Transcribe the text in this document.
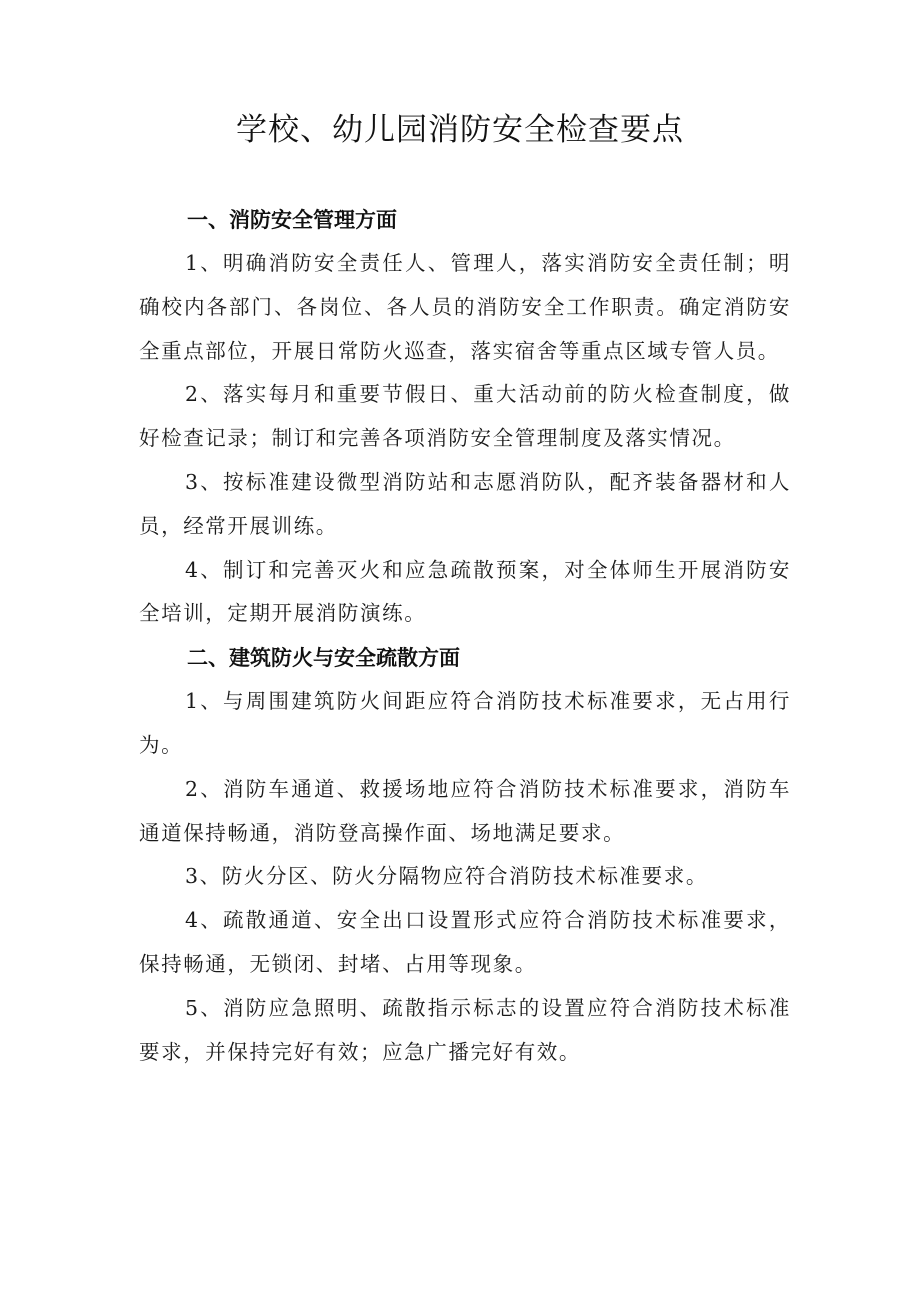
学校、幼儿园消防安全检查要点
一、消防安全管理方面

1、明确消防安全责任人、管理人，落实消防安全责任制；明确校内各部门、各岗位、各人员的消防安全工作职责。确定消防安全重点部位，开展日常防火巡查，落实宿舍等重点区域专管人员。

2、落实每月和重要节假日、重大活动前的防火检查制度，做好检查记录；制订和完善各项消防安全管理制度及落实情况。

3、按标准建设微型消防站和志愿消防队，配齐装备器材和人员，经常开展训练。

4、制订和完善灭火和应急疏散预案，对全体师生开展消防安全培训，定期开展消防演练。

二、建筑防火与安全疏散方面

1、与周围建筑防火间距应符合消防技术标准要求，无占用行为。

2、消防车通道、救援场地应符合消防技术标准要求，消防车通道保持畅通，消防登高操作面、场地满足要求。

3、防火分区、防火分隔物应符合消防技术标准要求。

4、疏散通道、安全出口设置形式应符合消防技术标准要求，保持畅通，无锁闭、封堵、占用等现象。

5、消防应急照明、疏散指示标志的设置应符合消防技术标准要求，并保持完好有效；应急广播完好有效。
